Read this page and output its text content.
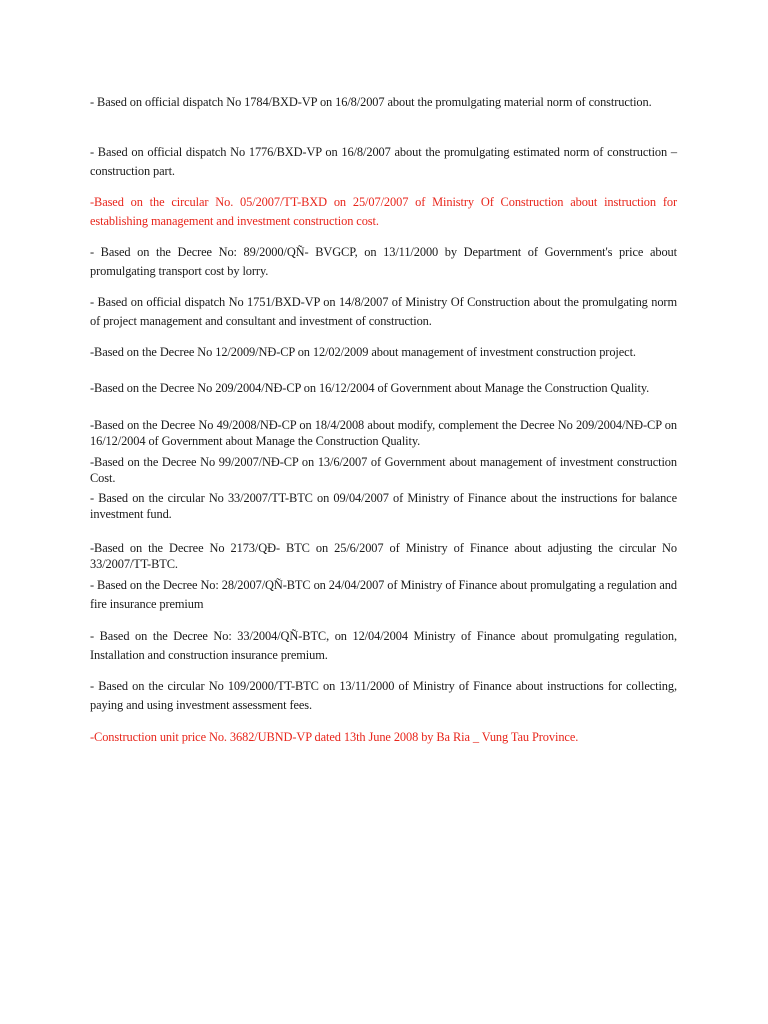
- Based on official dispatch No 1784/BXD-VP on 16/8/2007 about the promulgating material norm of construction.

- Based on official dispatch No 1776/BXD-VP on 16/8/2007 about the promulgating estimated norm of construction – construction part.

-Based on the circular No. 05/2007/TT-BXD on 25/07/2007 of Ministry Of Construction about instruction for establishing management and investment construction cost.

- Based on the Decree No: 89/2000/QÑ- BVGCP, on 13/11/2000 by Department of Government's price about promulgating transport cost by lorry.

- Based on official dispatch No 1751/BXD-VP on 14/8/2007 of Ministry Of Construction about the promulgating norm of project management and consultant and investment of construction.

-Based on the Decree No 12/2009/NĐ-CP on 12/02/2009 about management of investment construction project.

-Based on the Decree No 209/2004/NĐ-CP on 16/12/2004 of Government about Manage the Construction Quality.

-Based on the Decree No 49/2008/NĐ-CP on 18/4/2008 about modify, complement the Decree No 209/2004/NĐ-CP on 16/12/2004 of Government about Manage the Construction Quality.

-Based on the Decree No 99/2007/NĐ-CP on 13/6/2007 of Government about management of investment construction Cost.

- Based on the circular No 33/2007/TT-BTC on 09/04/2007 of Ministry of Finance about the instructions for balance investment fund.

-Based on the Decree No 2173/QĐ- BTC on 25/6/2007 of Ministry of Finance about adjusting the circular No 33/2007/TT-BTC.

- Based on the Decree No: 28/2007/QÑ-BTC on 24/04/2007 of Ministry of Finance about promulgating a regulation and fire insurance premium

- Based on the Decree No: 33/2004/QÑ-BTC, on 12/04/2004 Ministry of Finance about promulgating regulation, Installation and construction insurance premium.

- Based on the circular No 109/2000/TT-BTC on 13/11/2000 of Ministry of Finance about instructions for collecting, paying and using investment assessment fees.

-Construction unit price No. 3682/UBND-VP dated 13th June 2008 by Ba Ria _ Vung Tau Province.
